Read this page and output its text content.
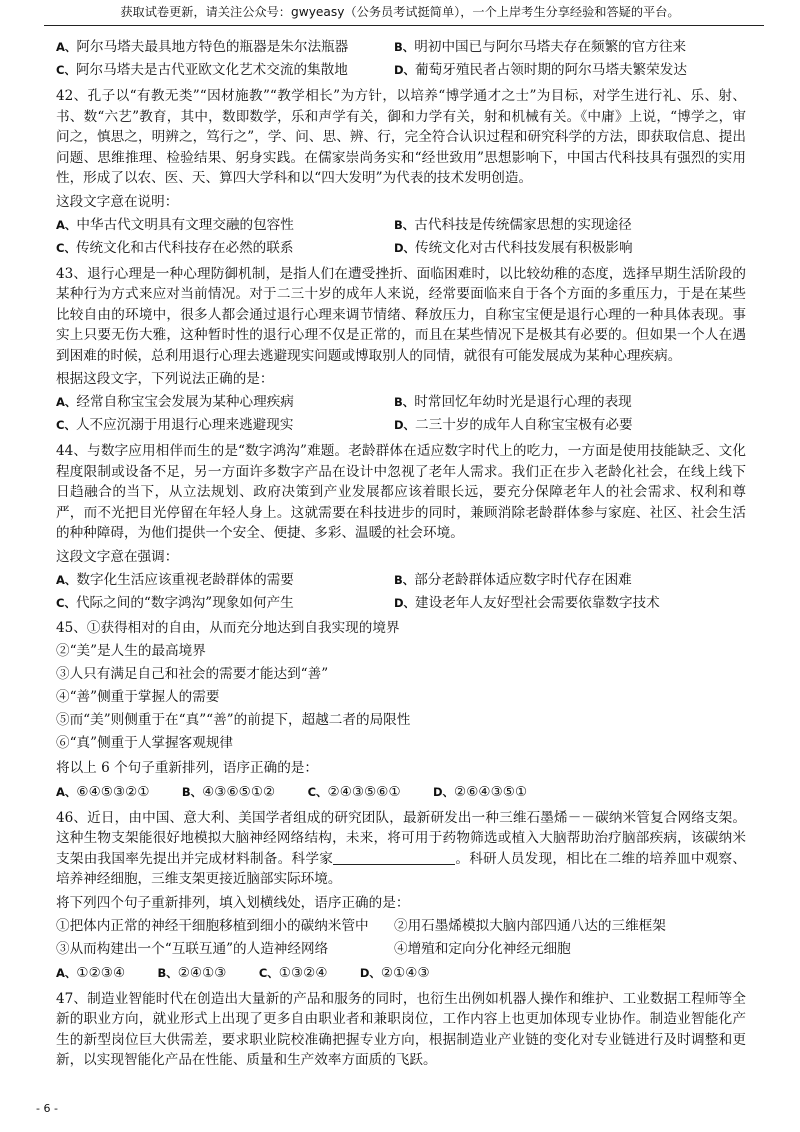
获取试卷更新，请关注公众号：gwyeasy（公务员考试挺简单），一个上岸考生分享经验和答疑的平台。
A、阿尔马塔夫最具地方特色的瓶器是朱尔法瓶器	B、明初中国已与阿尔马塔夫存在频繁的官方往来
C、阿尔马塔夫是古代亚欧文化艺术交流的集散地	D、葡萄牙殖民者占领时期的阿尔马塔夫繁荣发达
42、孔子以“有教无类”“因材施教”“教学相长”为方针，以培养“博学通才之士”为目标，对学生进行礼、乐、射、书、数“六艺”教育，其中，数即数学，乐和声学有关，御和力学有关，射和机械有关。《中庸》上说，“博学之，审问之，慎思之，明辨之，笃行之”，学、问、思、辨、行，完全符合认识过程和研究科学的方法，即获取信息、提出问题、思维推理、检验结果、躬身实践。在儒家崇尚务实和“经世致用”思想影响下，中国古代科技具有强烈的实用性，形成了以农、医、天、算四大学科和以“四大发明”为代表的技术发明创造。
这段文字意在说明：
A、中华古代文明具有文理交融的包容性	B、古代科技是传统儒家思想的实现途径
C、传统文化和古代科技存在必然的联系	D、传统文化对古代科技发展有积极影响
43、退行心理是一种心理防御机制，是指人们在遭受挫折、面临困难时，以比较幼稚的态度，选择早期生活阶段的某种行为方式来应对当前情况。对于二三十岁的成年人来说，经常要面临来自于各个方面的多重压力，于是在某些比较自由的环境中，很多人都会通过退行心理来调节情绪、释放压力，自称宝宝便是退行心理的一种具体表现。事实上只要无伤大雅，这种暂时性的退行心理不仅是正常的，而且在某些情况下是极其有必要的。但如果一个人在遇到困难的时候，总利用退行心理去逃避现实问题或博取别人的同情，就很有可能发展成为某种心理疾病。
根据这段文字，下列说法正确的是：
A、经常自称宝宝会发展为某种心理疾病	B、时常回忆年幼时光是退行心理的表现
C、人不应沉溺于用退行心理来逃避现实	D、二三十岁的成年人自称宝宝极有必要
44、与数字应用相伴而生的是“数字鸿沟”难题。老龄群体在适应数字时代上的吃力，一方面是使用技能缺乏、文化程度限制或设备不足，另一方面许多数字产品在设计中忽视了老年人需求。我们正在步入老龄化社会，在线上线下日趋融合的当下，从立法规划、政府决策到产业发展都应该着眼长远，要充分保障老年人的社会需求、权利和尊严，而不光把目光停留在年轻人身上。这就需要在科技进步的同时，兼顾消除老龄群体参与家庭、社区、社会生活的种种障碍，为他们提供一个安全、便捷、多彩、温暖的社会环境。
这段文字意在强调：
A、数字化生活应该重视老龄群体的需要	B、部分老龄群体适应数字时代存在困难
C、代际之间的“数字鸿沟”现象如何产生	D、建设老年人友好型社会需要依靠数字技术
45、①获得相对的自由，从而充分地达到自我实现的境界
②“美”是人生的最高境界
③人只有满足自己和社会的需要才能达到“善”
④“善”侧重于掌握人的需要
⑤而“美”则侧重于在“真”“善”的前提下，超越二者的局限性
⑥“真”侧重于人掌握客观规律
将以上 6 个句子重新排列，语序正确的是：
A、⑥④⑤③②①	B、④③⑥⑤①②	C、②④③⑤⑥①	D、②⑥④③⑤①
46、近日，由中国、意大利、美国学者组成的研究团队，最新研发出一种三维石墨烯－－碳纳米管复合网络支架。这种生物支架能很好地模拟大脑神经网络结构，未来，将可用于药物筛选或植入大脑帮助治疗脑部疾病，该碳纳米支架由我国率先提出并完成材料制备。科学家	。科研人员发现，相比在二维的培养皿中观察、培养神经细胞，三维支架更接近脑部实际环境。
将下列四个句子重新排列，填入划横线处，语序正确的是：
①把体内正常的神经干细胞移植到细小的碳纳米管中	②用石墨烯模拟大脑内部四通八达的三维框架
③从而构建出一个“互联互通”的人造神经网络	④增殖和定向分化神经元细胞
A、①②③④	B、②④①③	C、①③②④	D、②①④③
47、制造业智能时代在创造出大量新的产品和服务的同时，也衍生出例如机器人操作和维护、工业数据工程师等全新的职业方向，就业形式上出现了更多自由职业者和兼职岗位，工作内容上也更加体现专业协作。制造业智能化产生的新型岗位巨大供需差，要求职业院校准确把握专业方向，根据制造业产业链的变化对专业链进行及时调整和更新，以实现智能化产品在性能、质量和生产效率方面质的飞跃。
- 6 -
